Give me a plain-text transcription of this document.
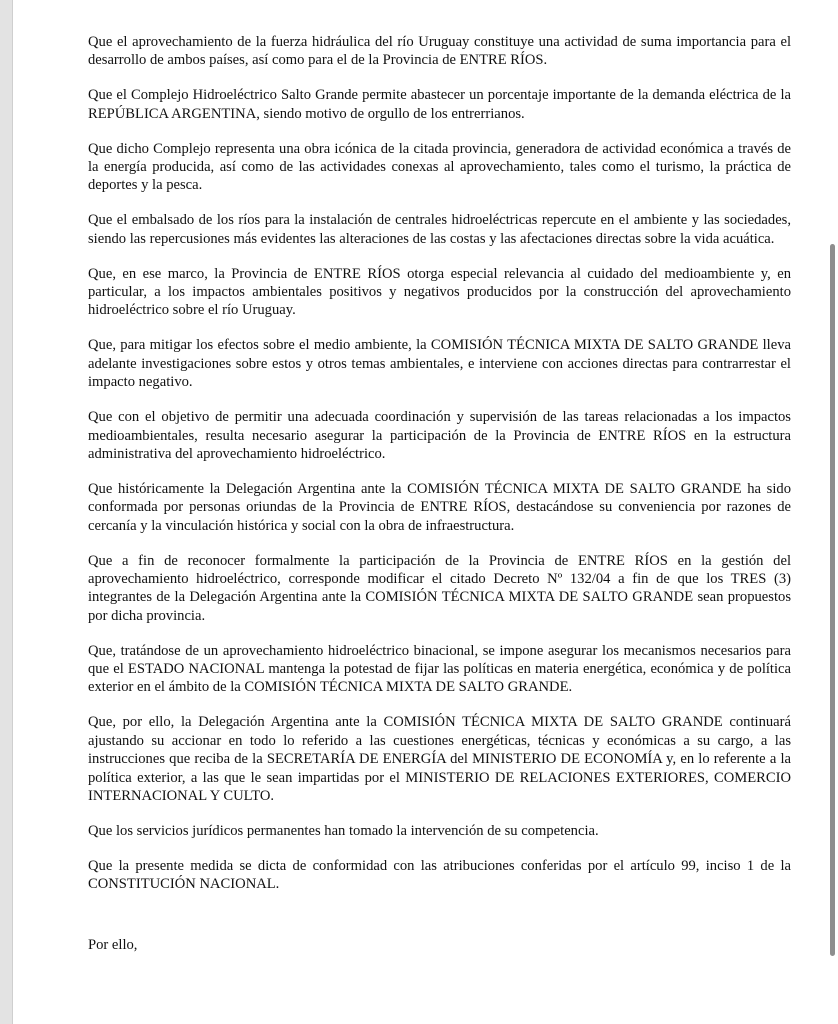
Que el aprovechamiento de la fuerza hidráulica del río Uruguay constituye una actividad de suma importancia para el desarrollo de ambos países, así como para el de la Provincia de ENTRE RÍOS.

Que el Complejo Hidroeléctrico Salto Grande permite abastecer un porcentaje importante de la demanda eléctrica de la REPÚBLICA ARGENTINA, siendo motivo de orgullo de los entrerrianos.

Que dicho Complejo representa una obra icónica de la citada provincia, generadora de actividad económica a través de la energía producida, así como de las actividades conexas al aprovechamiento, tales como el turismo, la práctica de deportes y la pesca.

Que el embalsado de los ríos para la instalación de centrales hidroeléctricas repercute en el ambiente y las sociedades, siendo las repercusiones más evidentes las alteraciones de las costas y las afectaciones directas sobre la vida acuática.

Que, en ese marco, la Provincia de ENTRE RÍOS otorga especial relevancia al cuidado del medioambiente y, en particular, a los impactos ambientales positivos y negativos producidos por la construcción del aprovechamiento hidroeléctrico sobre el río Uruguay.

Que, para mitigar los efectos sobre el medio ambiente, la COMISIÓN TÉCNICA MIXTA DE SALTO GRANDE lleva adelante investigaciones sobre estos y otros temas ambientales, e interviene con acciones directas para contrarrestar el impacto negativo.

Que con el objetivo de permitir una adecuada coordinación y supervisión de las tareas relacionadas a los impactos medioambientales, resulta necesario asegurar la participación de la Provincia de ENTRE RÍOS en la estructura administrativa del aprovechamiento hidroeléctrico.

Que históricamente la Delegación Argentina ante la COMISIÓN TÉCNICA MIXTA DE SALTO GRANDE ha sido conformada por personas oriundas de la Provincia de ENTRE RÍOS, destacándose su conveniencia por razones de cercanía y la vinculación histórica y social con la obra de infraestructura.

Que a fin de reconocer formalmente la participación de la Provincia de ENTRE RÍOS en la gestión del aprovechamiento hidroeléctrico, corresponde modificar el citado Decreto Nº 132/04 a fin de que los TRES (3) integrantes de la Delegación Argentina ante la COMISIÓN TÉCNICA MIXTA DE SALTO GRANDE sean propuestos por dicha provincia.

Que, tratándose de un aprovechamiento hidroeléctrico binacional, se impone asegurar los mecanismos necesarios para que el ESTADO NACIONAL mantenga la potestad de fijar las políticas en materia energética, económica y de política exterior en el ámbito de la COMISIÓN TÉCNICA MIXTA DE SALTO GRANDE.

Que, por ello, la Delegación Argentina ante la COMISIÓN TÉCNICA MIXTA DE SALTO GRANDE continuará ajustando su accionar en todo lo referido a las cuestiones energéticas, técnicas y económicas a su cargo, a las instrucciones que reciba de la SECRETARÍA DE ENERGÍA del MINISTERIO DE ECONOMÍA y, en lo referente a la política exterior, a las que le sean impartidas por el MINISTERIO DE RELACIONES EXTERIORES, COMERCIO INTERNACIONAL Y CULTO.

Que los servicios jurídicos permanentes han tomado la intervención de su competencia.

Que la presente medida se dicta de conformidad con las atribuciones conferidas por el artículo 99, inciso 1 de la CONSTITUCIÓN NACIONAL.

Por ello,
